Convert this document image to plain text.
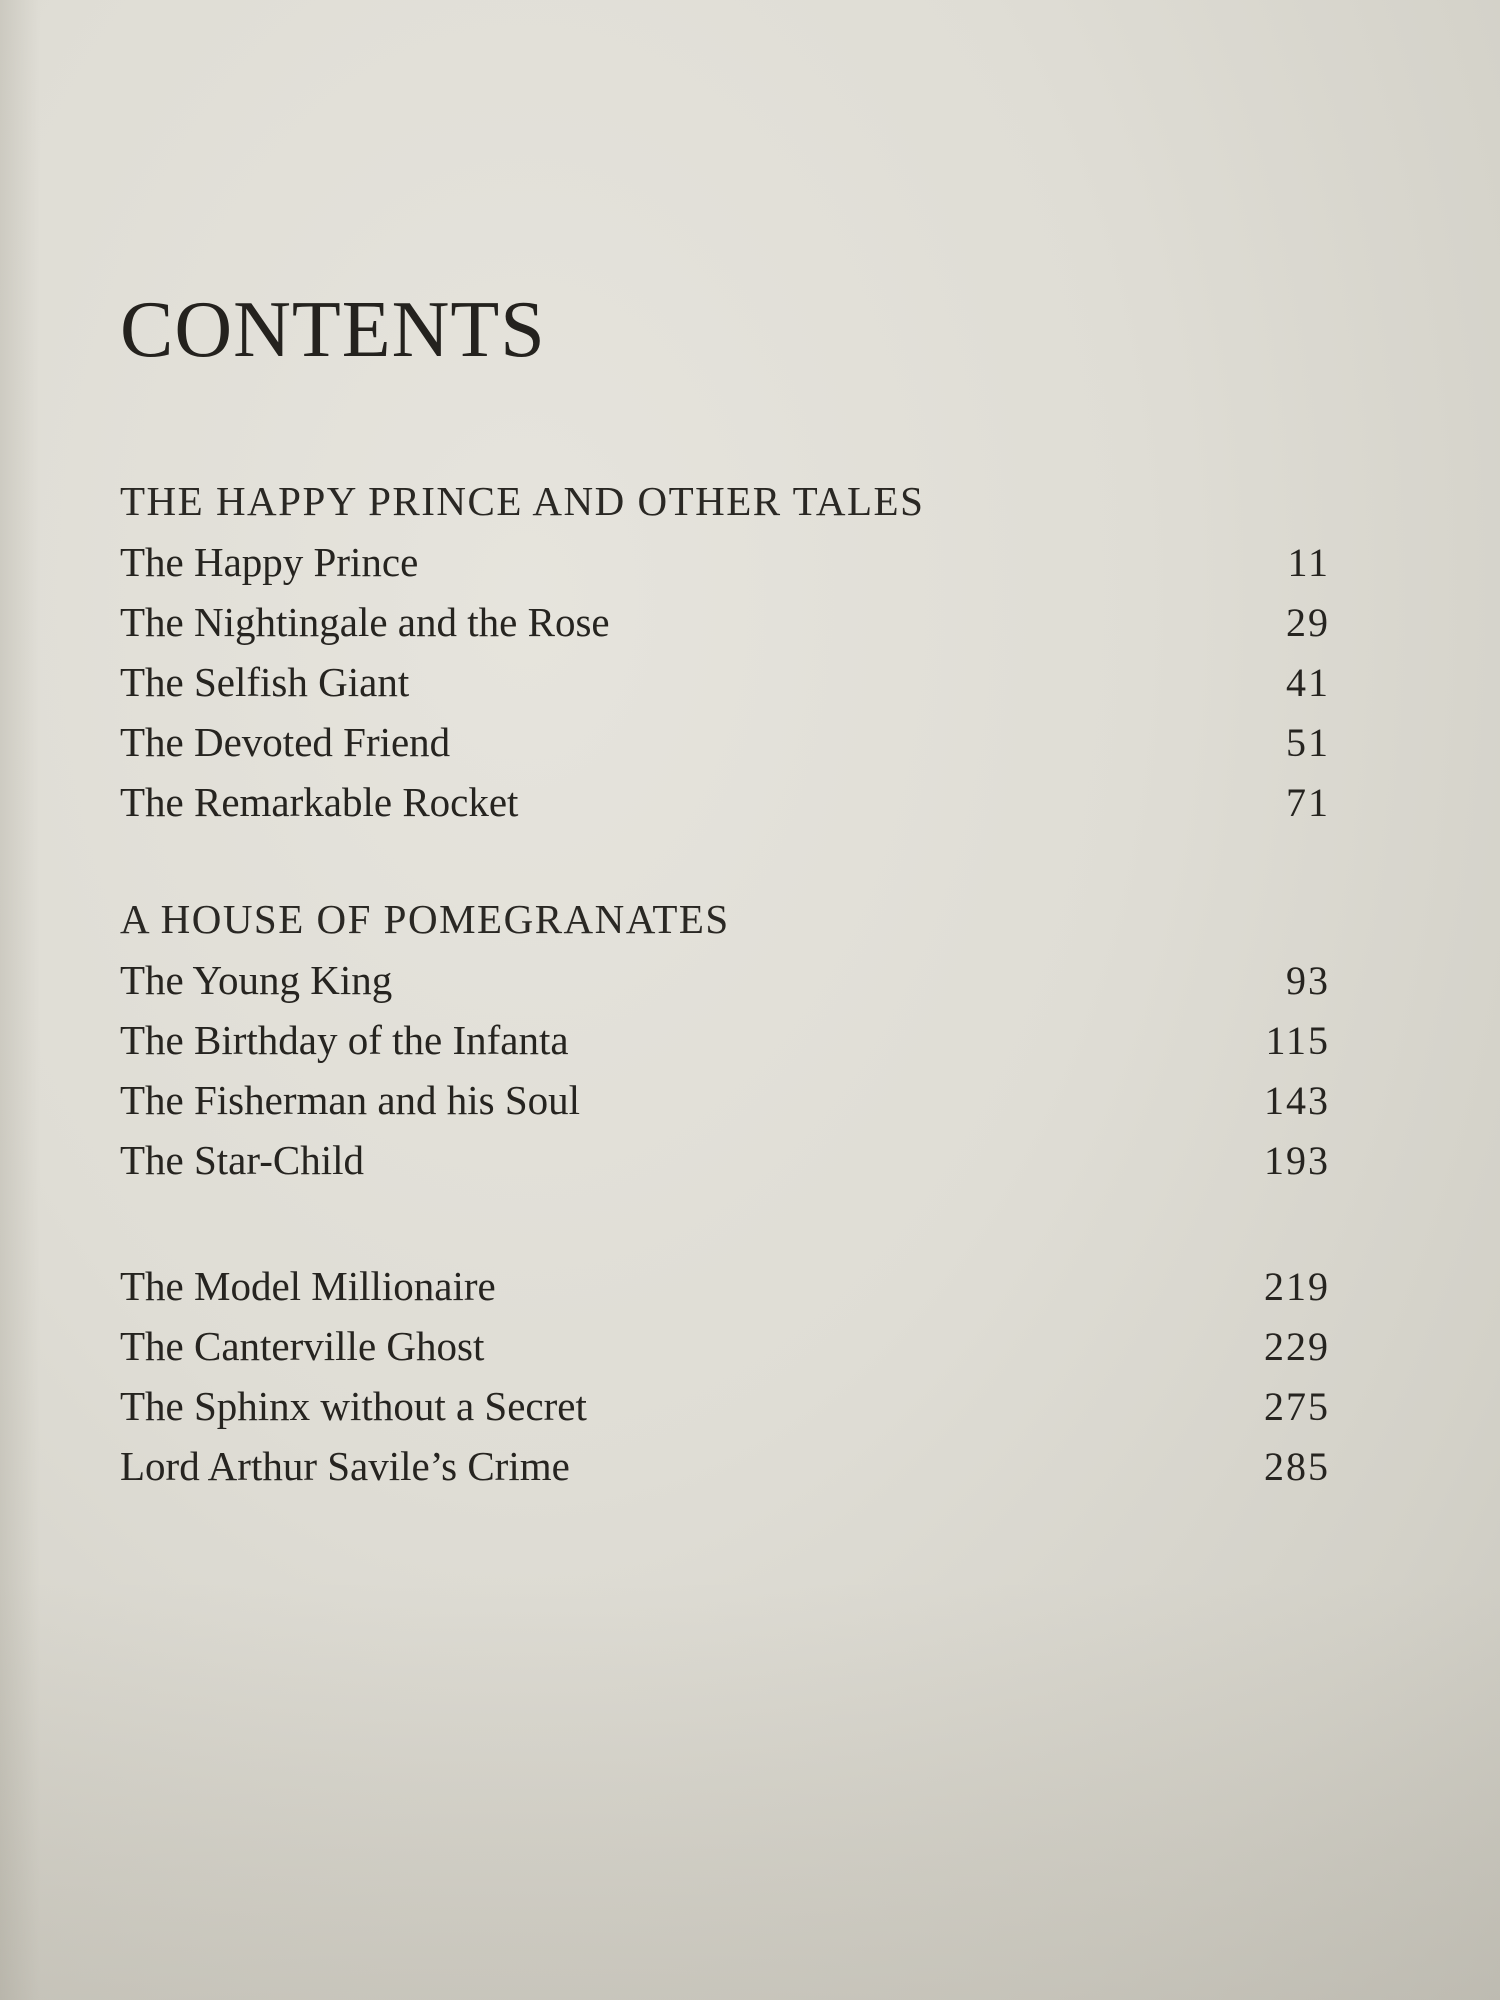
CONTENTS
THE HAPPY PRINCE AND OTHER TALES
The Happy Prince	11
The Nightingale and the Rose	29
The Selfish Giant	41
The Devoted Friend	51
The Remarkable Rocket	71
A HOUSE OF POMEGRANATES
The Young King	93
The Birthday of the Infanta	115
The Fisherman and his Soul	143
The Star-Child	193
The Model Millionaire	219
The Canterville Ghost	229
The Sphinx without a Secret	275
Lord Arthur Savile’s Crime	285
